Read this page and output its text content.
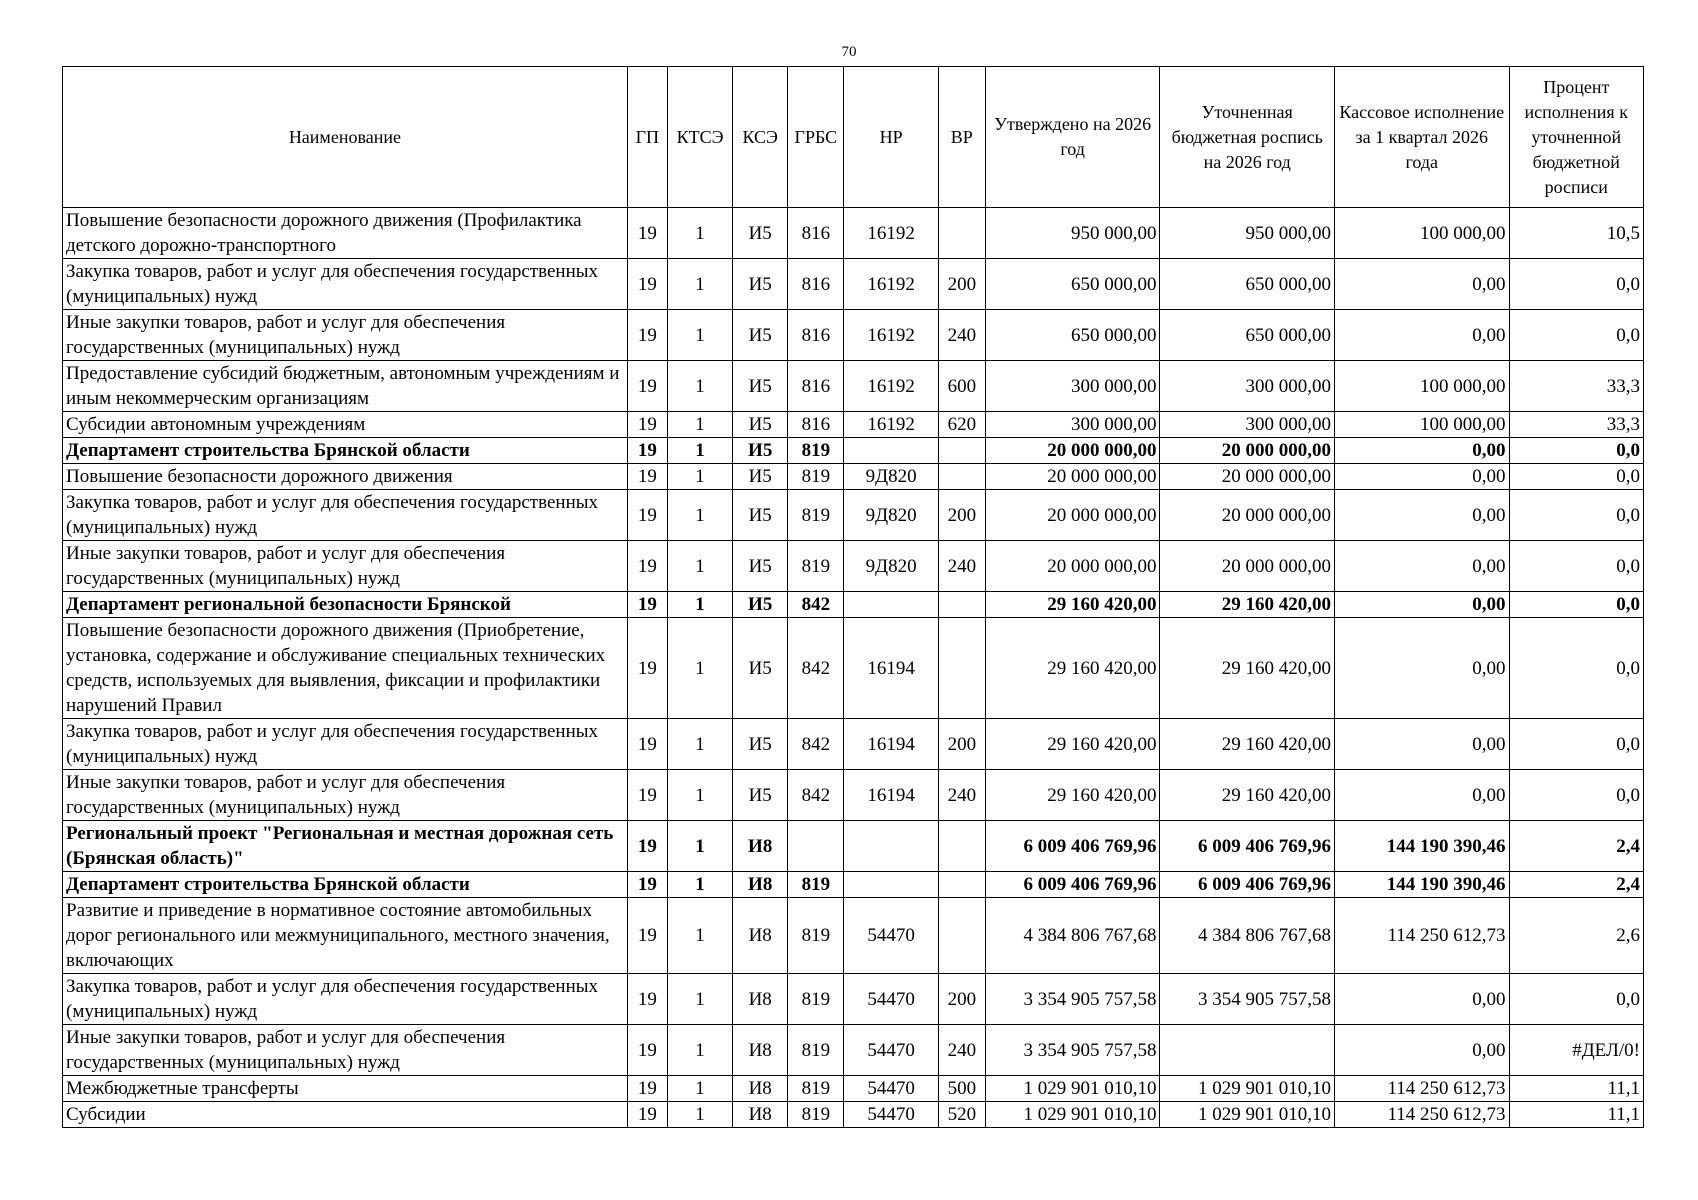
70
Наименование	ГП	КТСЭ	КСЭ	ГРБС	НР	ВР	Утверждено на 2026 год	Уточненная бюджетная роспись на 2026 год	Кассовое исполнение за 1 квартал 2026 года	Процент исполнения к уточненной бюджетной росписи
Повышение безопасности дорожного движения (Профилактика детского дорожно-транспортного	19	1	И5	816	16192		950 000,00	950 000,00	100 000,00	10,5
Закупка товаров, работ и услуг для обеспечения государственных (муниципальных) нужд	19	1	И5	816	16192	200	650 000,00	650 000,00	0,00	0,0
Иные закупки товаров, работ и услуг для обеспечения государственных (муниципальных) нужд	19	1	И5	816	16192	240	650 000,00	650 000,00	0,00	0,0
Предоставление субсидий бюджетным, автономным учреждениям и иным некоммерческим организациям	19	1	И5	816	16192	600	300 000,00	300 000,00	100 000,00	33,3
Субсидии автономным учреждениям	19	1	И5	816	16192	620	300 000,00	300 000,00	100 000,00	33,3
Департамент строительства Брянской области	19	1	И5	819			20 000 000,00	20 000 000,00	0,00	0,0
Повышение безопасности дорожного движения	19	1	И5	819	9Д820		20 000 000,00	20 000 000,00	0,00	0,0
Закупка товаров, работ и услуг для обеспечения государственных (муниципальных) нужд	19	1	И5	819	9Д820	200	20 000 000,00	20 000 000,00	0,00	0,0
Иные закупки товаров, работ и услуг для обеспечения государственных (муниципальных) нужд	19	1	И5	819	9Д820	240	20 000 000,00	20 000 000,00	0,00	0,0
Департамент региональной безопасности Брянской	19	1	И5	842			29 160 420,00	29 160 420,00	0,00	0,0
Повышение безопасности дорожного движения (Приобретение, установка, содержание и обслуживание специальных технических средств, используемых для выявления, фиксации и профилактики нарушений Правил	19	1	И5	842	16194		29 160 420,00	29 160 420,00	0,00	0,0
Закупка товаров, работ и услуг для обеспечения государственных (муниципальных) нужд	19	1	И5	842	16194	200	29 160 420,00	29 160 420,00	0,00	0,0
Иные закупки товаров, работ и услуг для обеспечения государственных (муниципальных) нужд	19	1	И5	842	16194	240	29 160 420,00	29 160 420,00	0,00	0,0
Региональный проект "Региональная и местная дорожная сеть (Брянская область)"	19	1	И8				6 009 406 769,96	6 009 406 769,96	144 190 390,46	2,4
Департамент строительства Брянской области	19	1	И8	819			6 009 406 769,96	6 009 406 769,96	144 190 390,46	2,4
Развитие и приведение в нормативное состояние автомобильных дорог регионального или межмуниципального, местного значения, включающих	19	1	И8	819	54470		4 384 806 767,68	4 384 806 767,68	114 250 612,73	2,6
Закупка товаров, работ и услуг для обеспечения государственных (муниципальных) нужд	19	1	И8	819	54470	200	3 354 905 757,58	3 354 905 757,58	0,00	0,0
Иные закупки товаров, работ и услуг для обеспечения государственных (муниципальных) нужд	19	1	И8	819	54470	240	3 354 905 757,58		0,00	#ДЕЛ/0!
Межбюджетные трансферты	19	1	И8	819	54470	500	1 029 901 010,10	1 029 901 010,10	114 250 612,73	11,1
Субсидии	19	1	И8	819	54470	520	1 029 901 010,10	1 029 901 010,10	114 250 612,73	11,1
